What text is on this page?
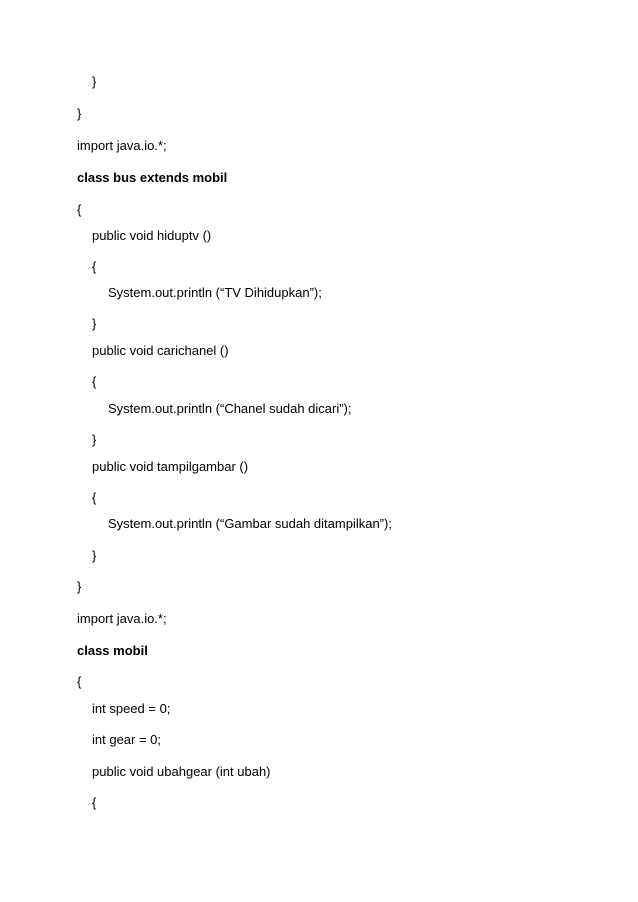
}
}
import java.io.*;
class bus extends mobil
{
public void hiduptv ()
{
System.out.println (“TV Dihidupkan”);
}
public void carichanel ()
{
System.out.println (“Chanel sudah dicari”);
}
public void tampilgambar ()
{
System.out.println (“Gambar sudah ditampilkan”);
}
}
import java.io.*;
class mobil
{
int speed = 0;
int gear = 0;
public void ubahgear (int ubah)
{
